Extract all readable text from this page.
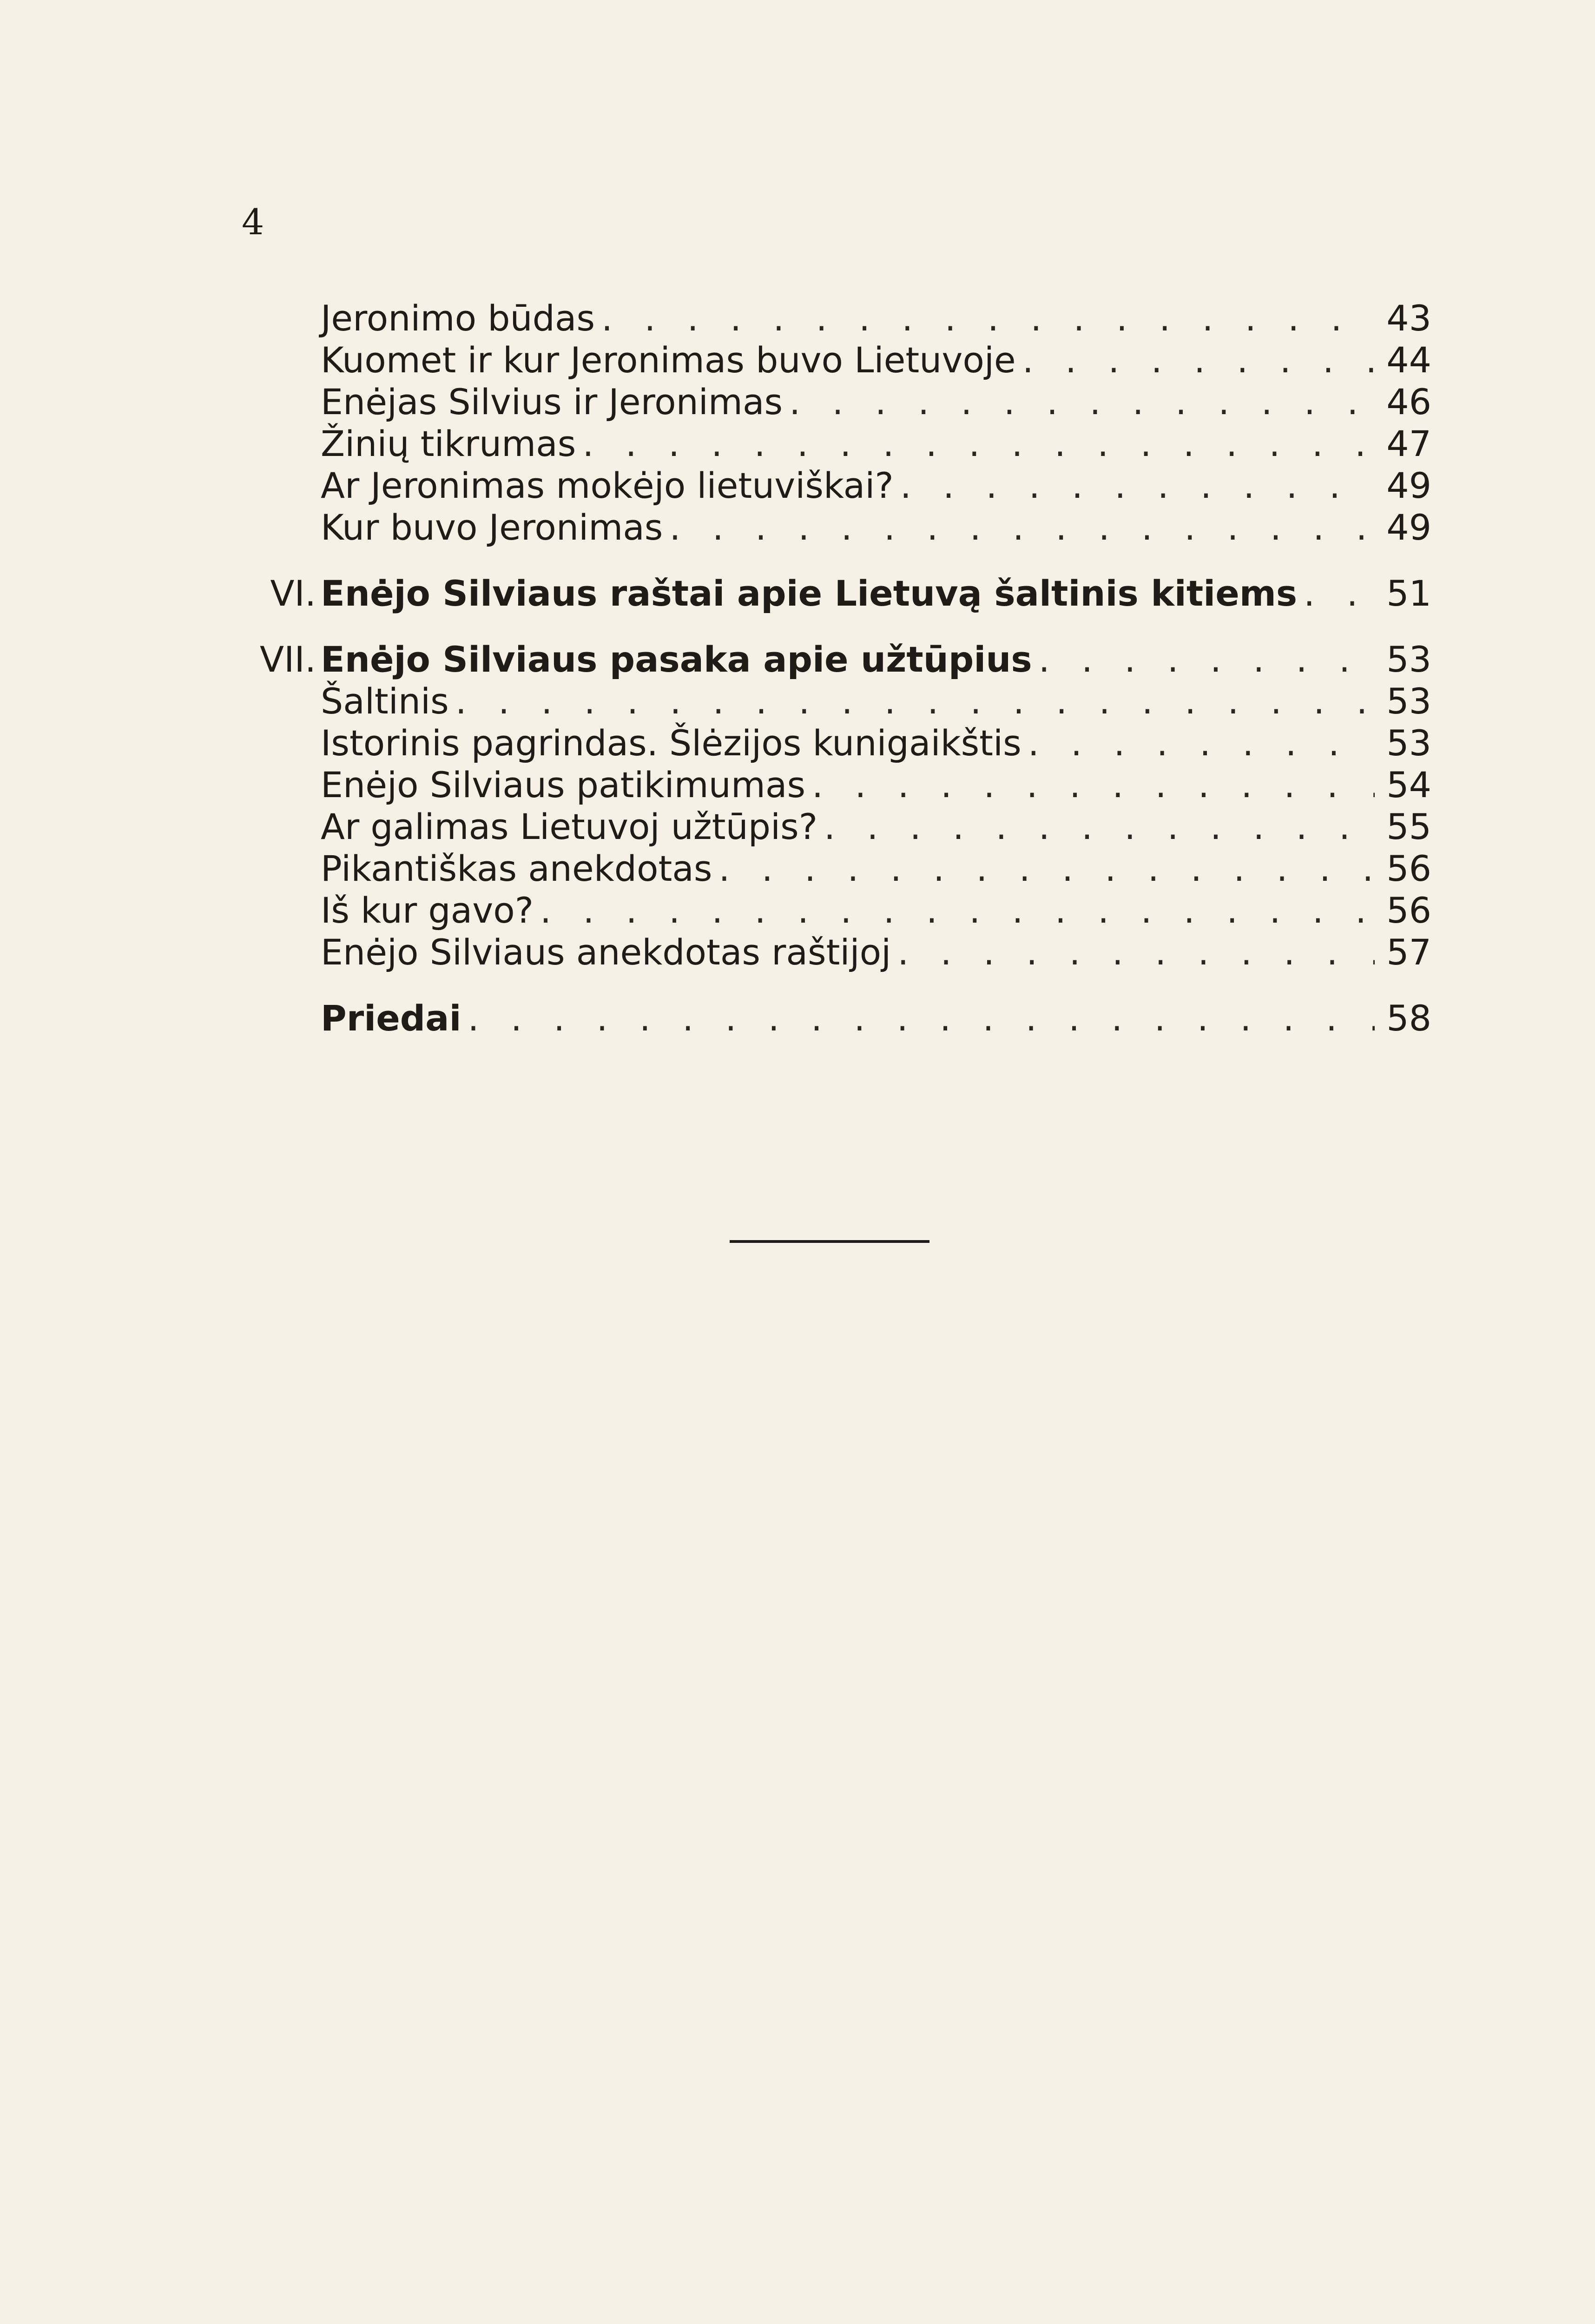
4
Jeronimo būdas . . .	43
Kuomet ir kur Jeronimas buvo Lietuvoje . . .	44
Enėjas Silvius ir Jeronimas . . .	46
Žinių tikrumas . . .	47
Ar Jeronimas mokėjo lietuviškai? . . .	49
Kur buvo Jeronimas . . .	49
VI. Enėjo Silviaus raštai apie Lietuvą šaltinis kitiems . . .	51
VII. Enėjo Silviaus pasaka apie užtūpius . . .	53
Šaltinis . . .	53
Istorinis pagrindas. Šlėzijos kunigaikštis . . .	53
Enėjo Silviaus patikimumas . . .	54
Ar galimas Lietuvoj užtūpis? . . .	55
Pikantiškas anekdotas . . .	56
Iš kur gavo? . . .	56
Enėjo Silviaus anekdotas raštijoj . . .	57
Priedai . . .	58
